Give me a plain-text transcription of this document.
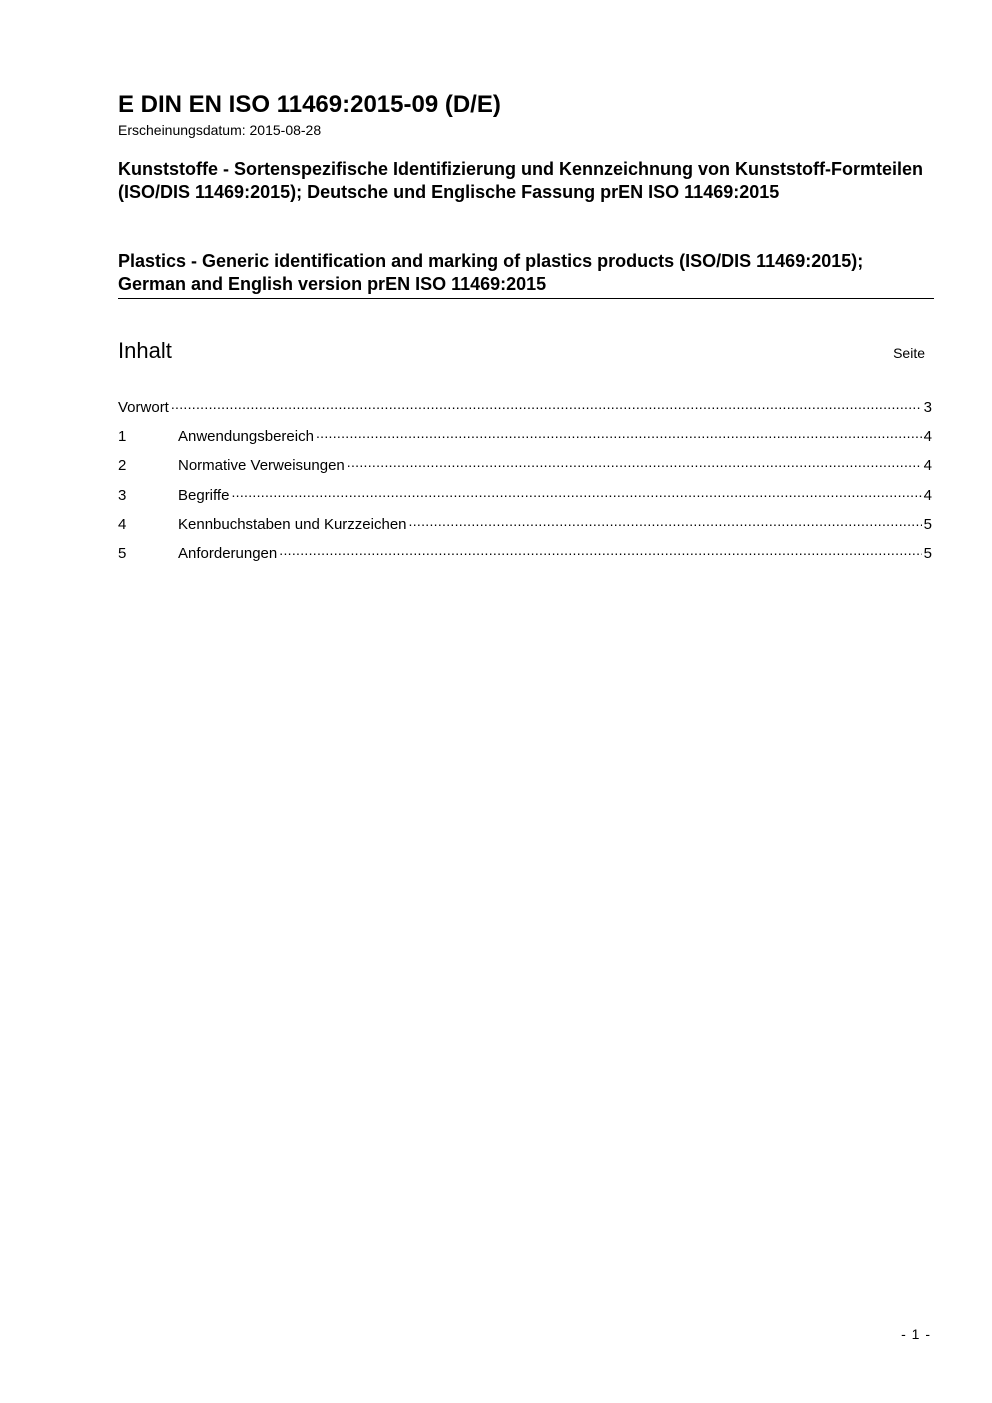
E DIN EN ISO 11469:2015-09 (D/E)
Erscheinungsdatum: 2015-08-28
Kunststoffe - Sortenspezifische Identifizierung und Kennzeichnung von Kunststoff-Formteilen (ISO/DIS 11469:2015); Deutsche und Englische Fassung prEN ISO 11469:2015
Plastics - Generic identification and marking of plastics products (ISO/DIS 11469:2015); German and English version prEN ISO 11469:2015
Inhalt	Seite
Vorwort .....	3
1	Anwendungsbereich .....	4
2	Normative Verweisungen .....	4
3	Begriffe .....	4
4	Kennbuchstaben und Kurzzeichen .....	5
5	Anforderungen .....	5
- 1 -
